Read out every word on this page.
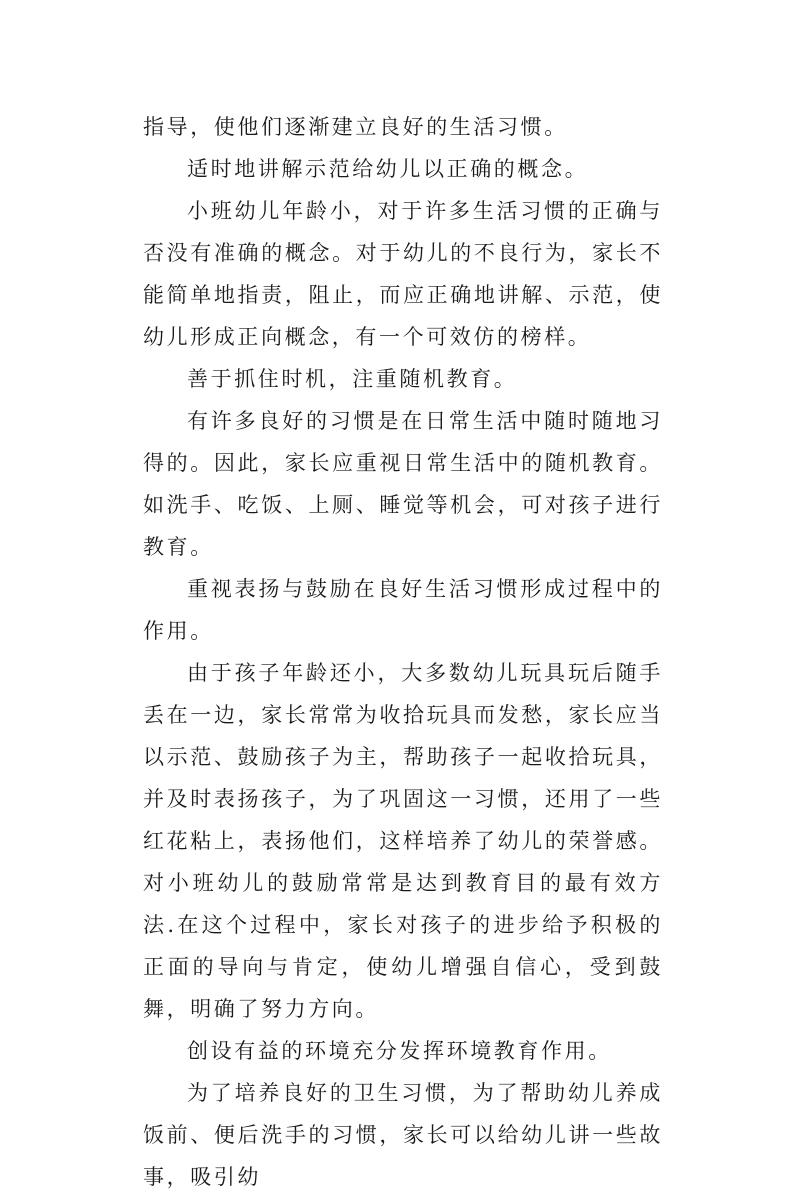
指导，使他们逐渐建立良好的生活习惯。

适时地讲解示范给幼儿以正确的概念。

小班幼儿年龄小，对于许多生活习惯的正确与否没有准确的概念。对于幼儿的不良行为，家长不能简单地指责，阻止，而应正确地讲解、示范，使幼儿形成正向概念，有一个可效仿的榜样。

善于抓住时机，注重随机教育。

有许多良好的习惯是在日常生活中随时随地习得的。因此，家长应重视日常生活中的随机教育。如洗手、吃饭、上厕、睡觉等机会，可对孩子进行教育。

重视表扬与鼓励在良好生活习惯形成过程中的作用。

由于孩子年龄还小，大多数幼儿玩具玩后随手丢在一边，家长常常为收拾玩具而发愁，家长应当以示范、鼓励孩子为主，帮助孩子一起收拾玩具，并及时表扬孩子，为了巩固这一习惯，还用了一些红花粘上，表扬他们，这样培养了幼儿的荣誉感。对小班幼儿的鼓励常常是达到教育目的最有效方法.在这个过程中，家长对孩子的进步给予积极的正面的导向与肯定，使幼儿增强自信心，受到鼓舞，明确了努力方向。

创设有益的环境充分发挥环境教育作用。

为了培养良好的卫生习惯，为了帮助幼儿养成饭前、便后洗手的习惯，家长可以给幼儿讲一些故事，吸引幼
